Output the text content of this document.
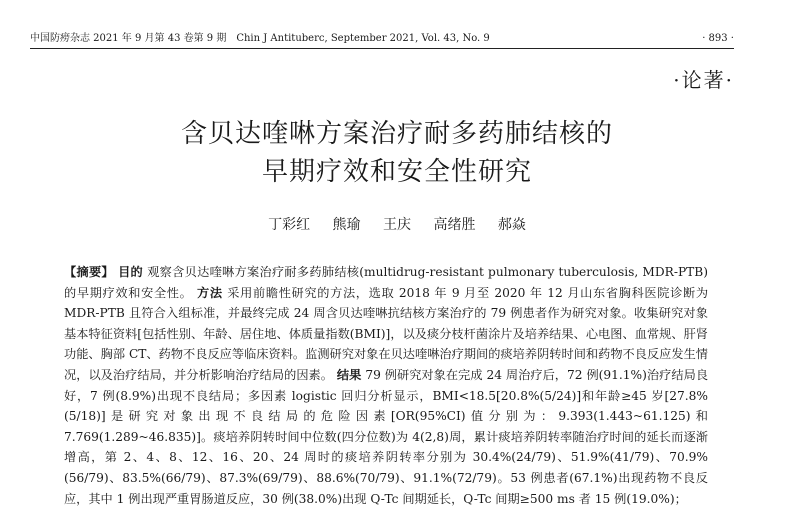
中国防痨杂志 2021 年 9 月第 43 卷第 9 期　Chin J Antituberc, September 2021, Vol. 43, No. 9	· 893 ·
·论著·
含贝达喹啉方案治疗耐多药肺结核的
早期疗效和安全性研究
丁彩红 熊瑜 王庆 高绪胜 郝焱
【摘要】 目的 观察含贝达喹啉方案治疗耐多药肺结核(multidrug-resistant pulmonary tuberculosis, MDR-PTB)的早期疗效和安全性。 方法 采用前瞻性研究的方法，选取 2018 年 9 月至 2020 年 12 月山东省胸科医院诊断为 MDR-PTB 且符合入组标准，并最终完成 24 周含贝达喹啉抗结核方案治疗的 79 例患者作为研究对象。收集研究对象基本特征资料[包括性别、年龄、居住地、体质量指数(BMI)]，以及痰分枝杆菌涂片及培养结果、心电图、血常规、肝肾功能、胸部 CT、药物不良反应等临床资料。监测研究对象在贝达喹啉治疗期间的痰培养阴转时间和药物不良反应发生情况，以及治疗结局，并分析影响治疗结局的因素。 结果 79 例研究对象在完成 24 周治疗后，72 例(91.1%)治疗结局良好，7 例(8.9%)出现不良结局；多因素 logistic 回归分析显示，BMI<18.5[20.8%(5/24)]和年龄≥45 岁[27.8%(5/18)]是研究对象出现不良结局的危险因素[OR(95%CI)值分别为：9.393(1.443~61.125)和 7.769(1.289~46.835)]。痰培养阴转时间中位数(四分位数)为 4(2,8)周，累计痰培养阴转率随治疗时间的延长而逐渐增高，第 2、4、8、12、16、20、24 周时的痰培养阴转率分别为 30.4%(24/79)、51.9%(41/79)、70.9%(56/79)、83.5%(66/79)、87.3%(69/79)、88.6%(70/79)、91.1%(72/79)。53 例患者(67.1%)出现药物不良反应，其中 1 例出现严重胃肠道反应，30 例(38.0%)出现 Q-Tc 间期延长，Q-Tc 间期≥500 ms 者 15 例(19.0%)；
